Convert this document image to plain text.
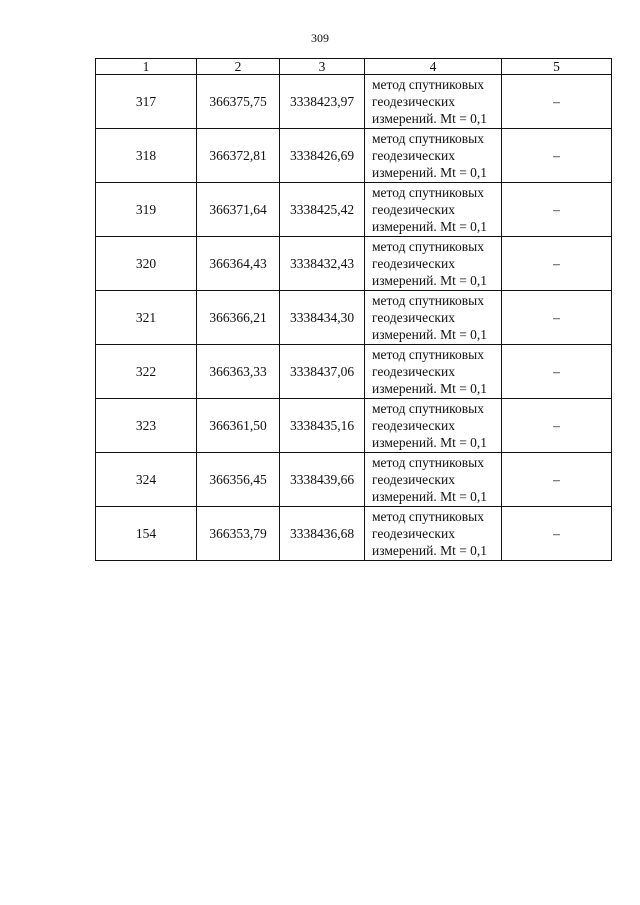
309
1	2	3	4	5
317	366375,75	3338423,97	метод спутниковых
геодезических
измерений. Mt = 0,1	–
318	366372,81	3338426,69	метод спутниковых
геодезических
измерений. Mt = 0,1	–
319	366371,64	3338425,42	метод спутниковых
геодезических
измерений. Mt = 0,1	–
320	366364,43	3338432,43	метод спутниковых
геодезических
измерений. Mt = 0,1	–
321	366366,21	3338434,30	метод спутниковых
геодезических
измерений. Mt = 0,1	–
322	366363,33	3338437,06	метод спутниковых
геодезических
измерений. Mt = 0,1	–
323	366361,50	3338435,16	метод спутниковых
геодезических
измерений. Mt = 0,1	–
324	366356,45	3338439,66	метод спутниковых
геодезических
измерений. Mt = 0,1	–
154	366353,79	3338436,68	метод спутниковых
геодезических
измерений. Mt = 0,1	–
